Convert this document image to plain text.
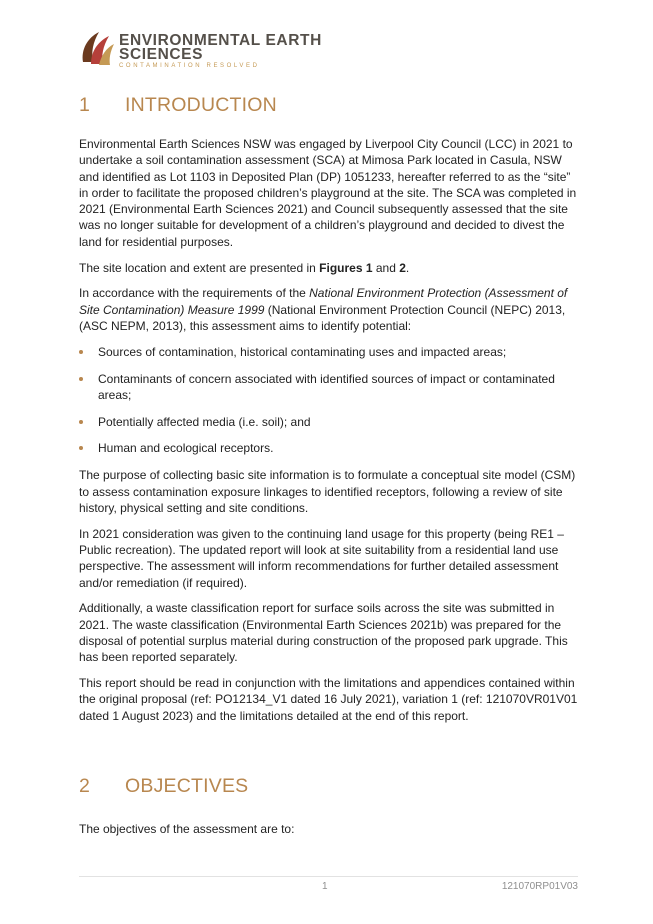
ENVIRONMENTAL EARTH
SCIENCES
CONTAMINATION RESOLVED
1 INTRODUCTION

Environmental Earth Sciences NSW was engaged by Liverpool City Council (LCC) in 2021 to undertake a soil contamination assessment (SCA) at Mimosa Park located in Casula, NSW and identified as Lot 1103 in Deposited Plan (DP) 1051233, hereafter referred to as the “site” in order to facilitate the proposed children’s playground at the site. The SCA was completed in 2021 (Environmental Earth Sciences 2021) and Council subsequently assessed that the site was no longer suitable for development of a children’s playground and decided to divest the land for residential purposes.

The site location and extent are presented in Figures 1 and 2.

In accordance with the requirements of the National Environment Protection (Assessment of Site Contamination) Measure 1999 (National Environment Protection Council (NEPC) 2013, (ASC NEPM, 2013), this assessment aims to identify potential:

Sources of contamination, historical contaminating uses and impacted areas;
Contaminants of concern associated with identified sources of impact or contaminated areas;
Potentially affected media (i.e. soil); and
Human and ecological receptors.

The purpose of collecting basic site information is to formulate a conceptual site model (CSM) to assess contamination exposure linkages to identified receptors, following a review of site history, physical setting and site conditions.

In 2021 consideration was given to the continuing land usage for this property (being RE1 – Public recreation). The updated report will look at site suitability from a residential land use perspective. The assessment will inform recommendations for further detailed assessment and/or remediation (if required).

Additionally, a waste classification report for surface soils across the site was submitted in 2021. The waste classification (Environmental Earth Sciences 2021b) was prepared for the disposal of potential surplus material during construction of the proposed park upgrade. This has been reported separately.

This report should be read in conjunction with the limitations and appendices contained within the original proposal (ref: PO12134_V1 dated 16 July 2021), variation 1 (ref: 121070VR01V01 dated 1 August 2023) and the limitations detailed at the end of this report.

2 OBJECTIVES
The objectives of the assessment are to:
1	121070RP01V03
